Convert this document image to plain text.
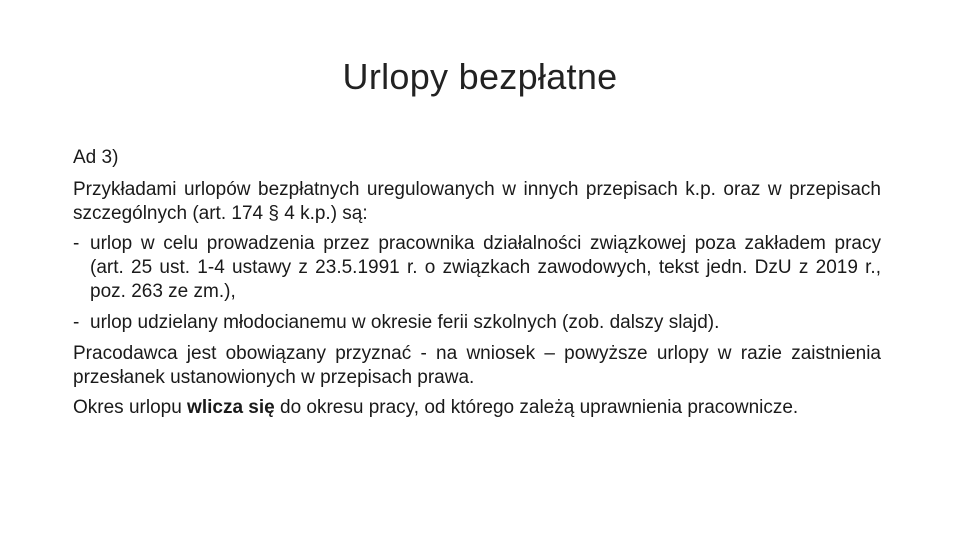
Urlopy bezpłatne
Ad 3)
Przykładami urlopów bezpłatnych uregulowanych w innych przepisach k.p. oraz w przepisach szczególnych (art. 174 § 4 k.p.) są:
- urlop w celu prowadzenia przez pracownika działalności związkowej poza zakładem pracy (art. 25 ust. 1-4 ustawy z 23.5.1991 r. o związkach zawodowych, tekst jedn. DzU z 2019 r., poz. 263 ze zm.),
- urlop udzielany młodocianemu w okresie ferii szkolnych (zob. dalszy slajd).
Pracodawca jest obowiązany przyznać - na wniosek – powyższe urlopy w razie zaistnienia przesłanek ustanowionych w przepisach prawa.
Okres urlopu wlicza się do okresu pracy, od którego zależą uprawnienia pracownicze.
